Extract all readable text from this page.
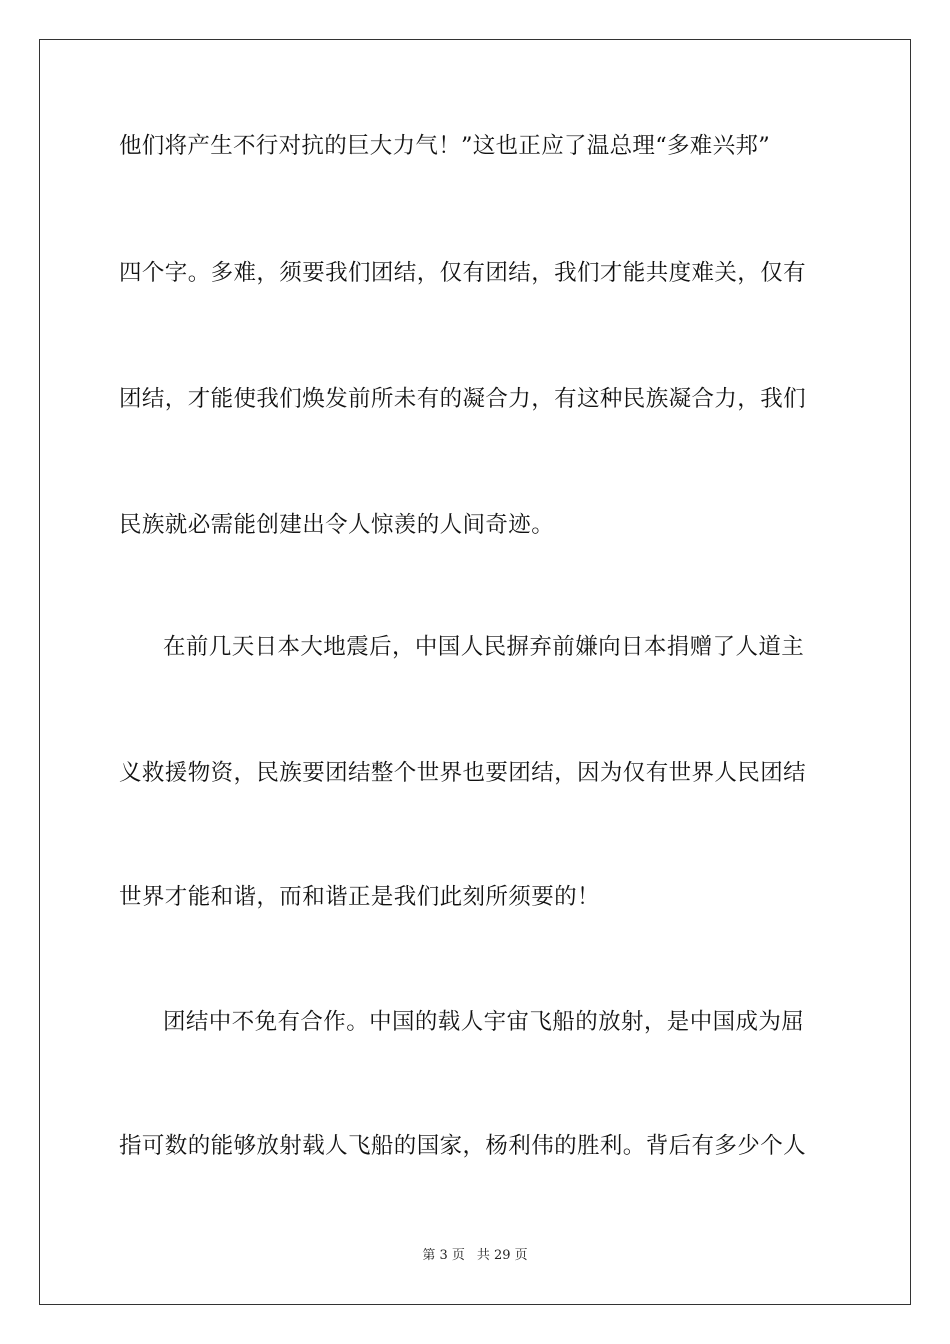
他们将产生不行对抗的巨大力气！”这也正应了温总理“多难兴邦”
四个字。多难，须要我们团结，仅有团结，我们才能共度难关，仅有
团结，才能使我们焕发前所未有的凝合力，有这种民族凝合力，我们
民族就必需能创建出令人惊羡的人间奇迹。
在前几天日本大地震后，中国人民摒弃前嫌向日本捐赠了人道主
义救援物资，民族要团结整个世界也要团结，因为仅有世界人民团结
世界才能和谐，而和谐正是我们此刻所须要的！
团结中不免有合作。中国的载人宇宙飞船的放射，是中国成为屈
指可数的能够放射载人飞船的国家，杨利伟的胜利。背后有多少个人
第 3 页 共 29 页
